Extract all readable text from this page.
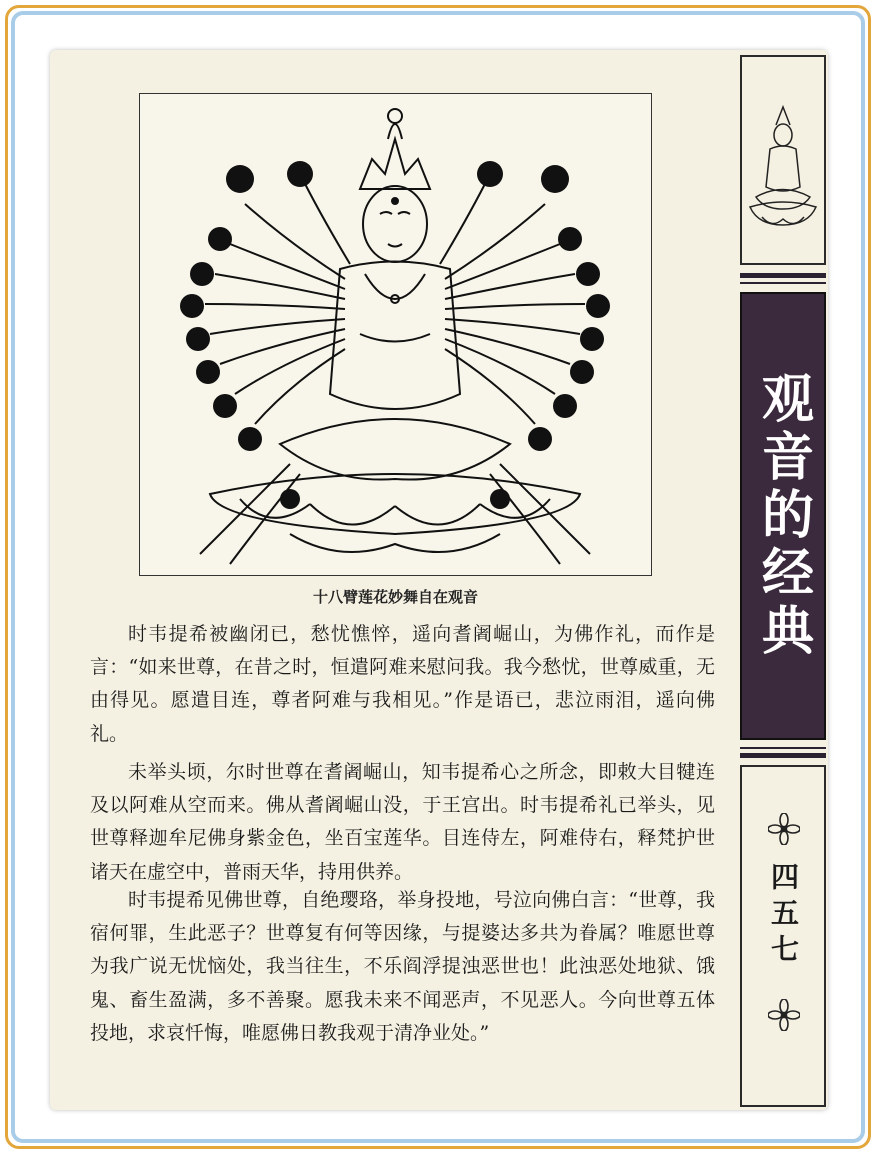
十八臂莲花妙舞自在观音

时韦提希被幽闭已，愁忧憔悴，遥向耆阇崛山，为佛作礼，而作是言：“如来世尊，在昔之时，恒遣阿难来慰问我。我今愁忧，世尊威重，无由得见。愿遣目连，尊者阿难与我相见。”作是语已，悲泣雨泪，遥向佛礼。

未举头顷，尔时世尊在耆阇崛山，知韦提希心之所念，即敕大目犍连及以阿难从空而来。佛从耆阇崛山没，于王宫出。时韦提希礼已举头，见世尊释迦牟尼佛身紫金色，坐百宝莲华。目连侍左，阿难侍右，释梵护世诸天在虚空中，普雨天华，持用供养。

时韦提希见佛世尊，自绝璎珞，举身投地，号泣向佛白言：“世尊，我宿何罪，生此恶子？世尊复有何等因缘，与提婆达多共为眷属？唯愿世尊为我广说无忧恼处，我当往生，不乐阎浮提浊恶世也！此浊恶处地狱、饿鬼、畜生盈满，多不善聚。愿我未来不闻恶声，不见恶人。今向世尊五体投地，求哀忏悔，唯愿佛日教我观于清净业处。”

观音的经典
四五七
